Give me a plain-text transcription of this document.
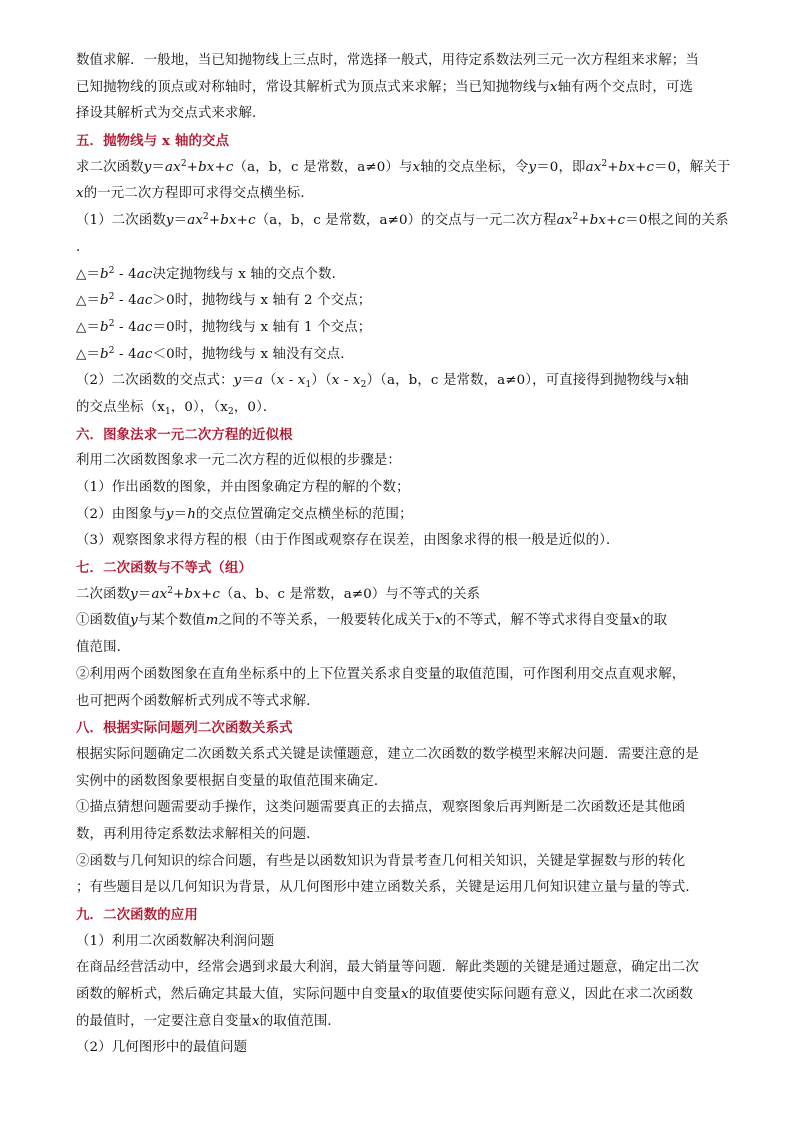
数值求解．一般地，当已知抛物线上三点时，常选择一般式，用待定系数法列三元一次方程组来求解；当
已知抛物线的顶点或对称轴时，常设其解析式为顶点式来求解；当已知抛物线与x轴有两个交点时，可选
择设其解析式为交点式来求解．
五．抛物线与 x 轴的交点
求二次函数$y=ax^2+bx+c(a$，b，c 是常数，a≠0）与x轴的交点坐标，令y＝0，即$ax^2+bx+c=0$，解关于
x的一元二次方程即可求得交点横坐标．
（1）二次函数$y=ax^2+bx+c(a$，b，c 是常数，a≠0）的交点与一元二次方程$ax^2+bx+c=0$根之间的关系
．
$\triangle=b^2 - 4ac$决定抛物线与 x 轴的交点个数．
$\triangle=b^2 - 4ac>0$时，抛物线与 x 轴有 2 个交点；
$\triangle=b^2 - 4ac=0$时，抛物线与 x 轴有 1 个交点；
$\triangle=b^2 - 4ac<0$时，抛物线与 x 轴没有交点．
（2）二次函数的交点式：$y=a(x - x_1)(x - x_2)(a$，b，c 是常数，a≠0），可直接得到抛物线与x轴
的交点坐标（$x_1$，0），（$x_2$，0）．
六．图象法求一元二次方程的近似根
利用二次函数图象求一元二次方程的近似根的步骤是：
（1）作出函数的图象，并由图象确定方程的解的个数；
（2）由图象与y＝h的交点位置确定交点横坐标的范围；
（3）观察图象求得方程的根（由于作图或观察存在误差，由图象求得的根一般是近似的）．
七．二次函数与不等式（组）
二次函数$y=ax^2+bx+c(a$、b、c 是常数，a≠0）与不等式的关系
①函数值y与某个数值m之间的不等关系，一般要转化成关于x的不等式，解不等式求得自变量x的取
值范围．
②利用两个函数图象在直角坐标系中的上下位置关系求自变量的取值范围，可作图利用交点直观求解，
也可把两个函数解析式列成不等式求解．
八．根据实际问题列二次函数关系式
根据实际问题确定二次函数关系式关键是读懂题意，建立二次函数的数学模型来解决问题．需要注意的是
实例中的函数图象要根据自变量的取值范围来确定．
①描点猜想问题需要动手操作，这类问题需要真正的去描点，观察图象后再判断是二次函数还是其他函
数，再利用待定系数法求解相关的问题．
②函数与几何知识的综合问题，有些是以函数知识为背景考查几何相关知识，关键是掌握数与形的转化
；有些题目是以几何知识为背景，从几何图形中建立函数关系，关键是运用几何知识建立量与量的等式．
九．二次函数的应用
（1）利用二次函数解决利润问题
在商品经营活动中，经常会遇到求最大利润，最大销量等问题．解此类题的关键是通过题意，确定出二次
函数的解析式，然后确定其最大值，实际问题中自变量x的取值要使实际问题有意义，因此在求二次函数
的最值时，一定要注意自变量x的取值范围．
（2）几何图形中的最值问题
